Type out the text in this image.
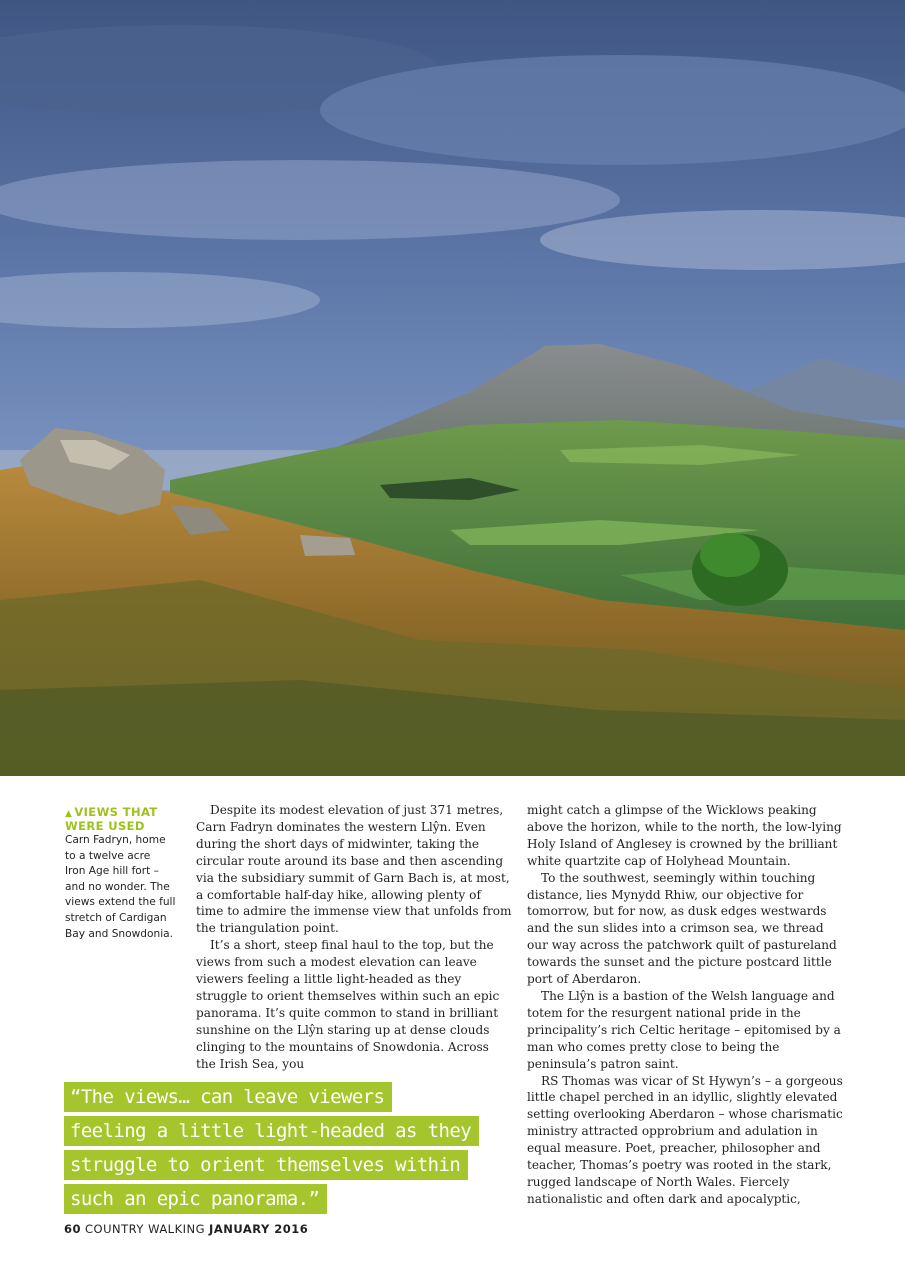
▲ VIEWS THAT
WERE USED
Carn Fadryn, home
to a twelve acre
Iron Age hill fort –
and no wonder. The
views extend the full
stretch of Cardigan
Bay and Snowdonia.

Despite its modest elevation of just 371 metres, Carn Fadryn dominates the western Llŷn. Even during the short days of midwinter, taking the circular route around its base and then ascending via the subsidiary summit of Garn Bach is, at most, a comfortable half-day hike, allowing plenty of time to admire the immense view that unfolds from the triangulation point.

It’s a short, steep final haul to the top, but the views from such a modest elevation can leave viewers feeling a little light-headed as they struggle to orient themselves within such an epic panorama. It’s quite common to stand in brilliant sunshine on the Llŷn staring up at dense clouds clinging to the mountains of Snowdonia. Across the Irish Sea, you

might catch a glimpse of the Wicklows peaking above the horizon, while to the north, the low-lying Holy Island of Anglesey is crowned by the brilliant white quartzite cap of Holyhead Mountain.

To the southwest, seemingly within touching distance, lies Mynydd Rhiw, our objective for tomorrow, but for now, as dusk edges westwards and the sun slides into a crimson sea, we thread our way across the patchwork quilt of pastureland towards the sunset and the picture postcard little port of Aberdaron.

The Llŷn is a bastion of the Welsh language and totem for the resurgent national pride in the principality’s rich Celtic heritage – epitomised by a man who comes pretty close to being the peninsula’s patron saint.

RS Thomas was vicar of St Hywyn’s – a gorgeous little chapel perched in an idyllic, slightly elevated setting overlooking Aberdaron – whose charismatic ministry attracted opprobrium and adulation in equal measure. Poet, preacher, philosopher and teacher, Thomas’s poetry was rooted in the stark, rugged landscape of North Wales. Fiercely nationalistic and often dark and apocalyptic,

“The views… can leave viewers
feeling a little light-headed as they
struggle to orient themselves within
such an epic panorama.”
60 COUNTRY WALKING JANUARY 2016
